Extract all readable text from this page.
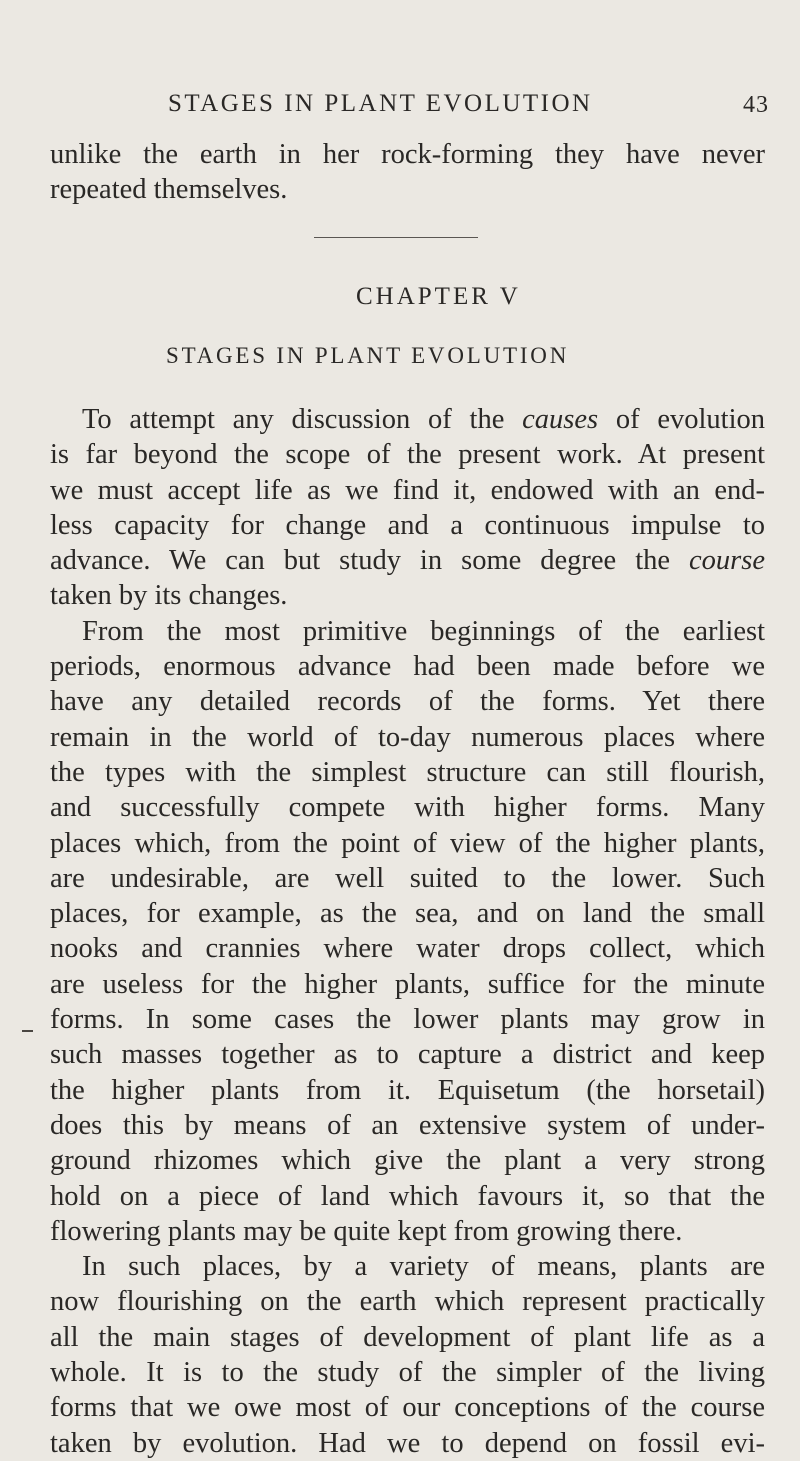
STAGES IN PLANT EVOLUTION	43
unlike the earth in her rock-forming they have never
repeated themselves.
CHAPTER V
STAGES IN PLANT EVOLUTION
To attempt any discussion of the causes of evolution
is far beyond the scope of the present work. At present
we must accept life as we find it, endowed with an end-
less capacity for change and a continuous impulse to
advance. We can but study in some degree the course
taken by its changes.
From the most primitive beginnings of the earliest
periods, enormous advance had been made before we
have any detailed records of the forms. Yet there
remain in the world of to-day numerous places where
the types with the simplest structure can still flourish,
and successfully compete with higher forms. Many
places which, from the point of view of the higher plants,
are undesirable, are well suited to the lower. Such
places, for example, as the sea, and on land the small
nooks and crannies where water drops collect, which
are useless for the higher plants, suffice for the minute
forms. In some cases the lower plants may grow in
such masses together as to capture a district and keep
the higher plants from it. Equisetum (the horsetail)
does this by means of an extensive system of under-
ground rhizomes which give the plant a very strong
hold on a piece of land which favours it, so that the
flowering plants may be quite kept from growing there.
In such places, by a variety of means, plants are
now flourishing on the earth which represent practically
all the main stages of development of plant life as a
whole. It is to the study of the simpler of the living
forms that we owe most of our conceptions of the course
taken by evolution. Had we to depend on fossil evi-
